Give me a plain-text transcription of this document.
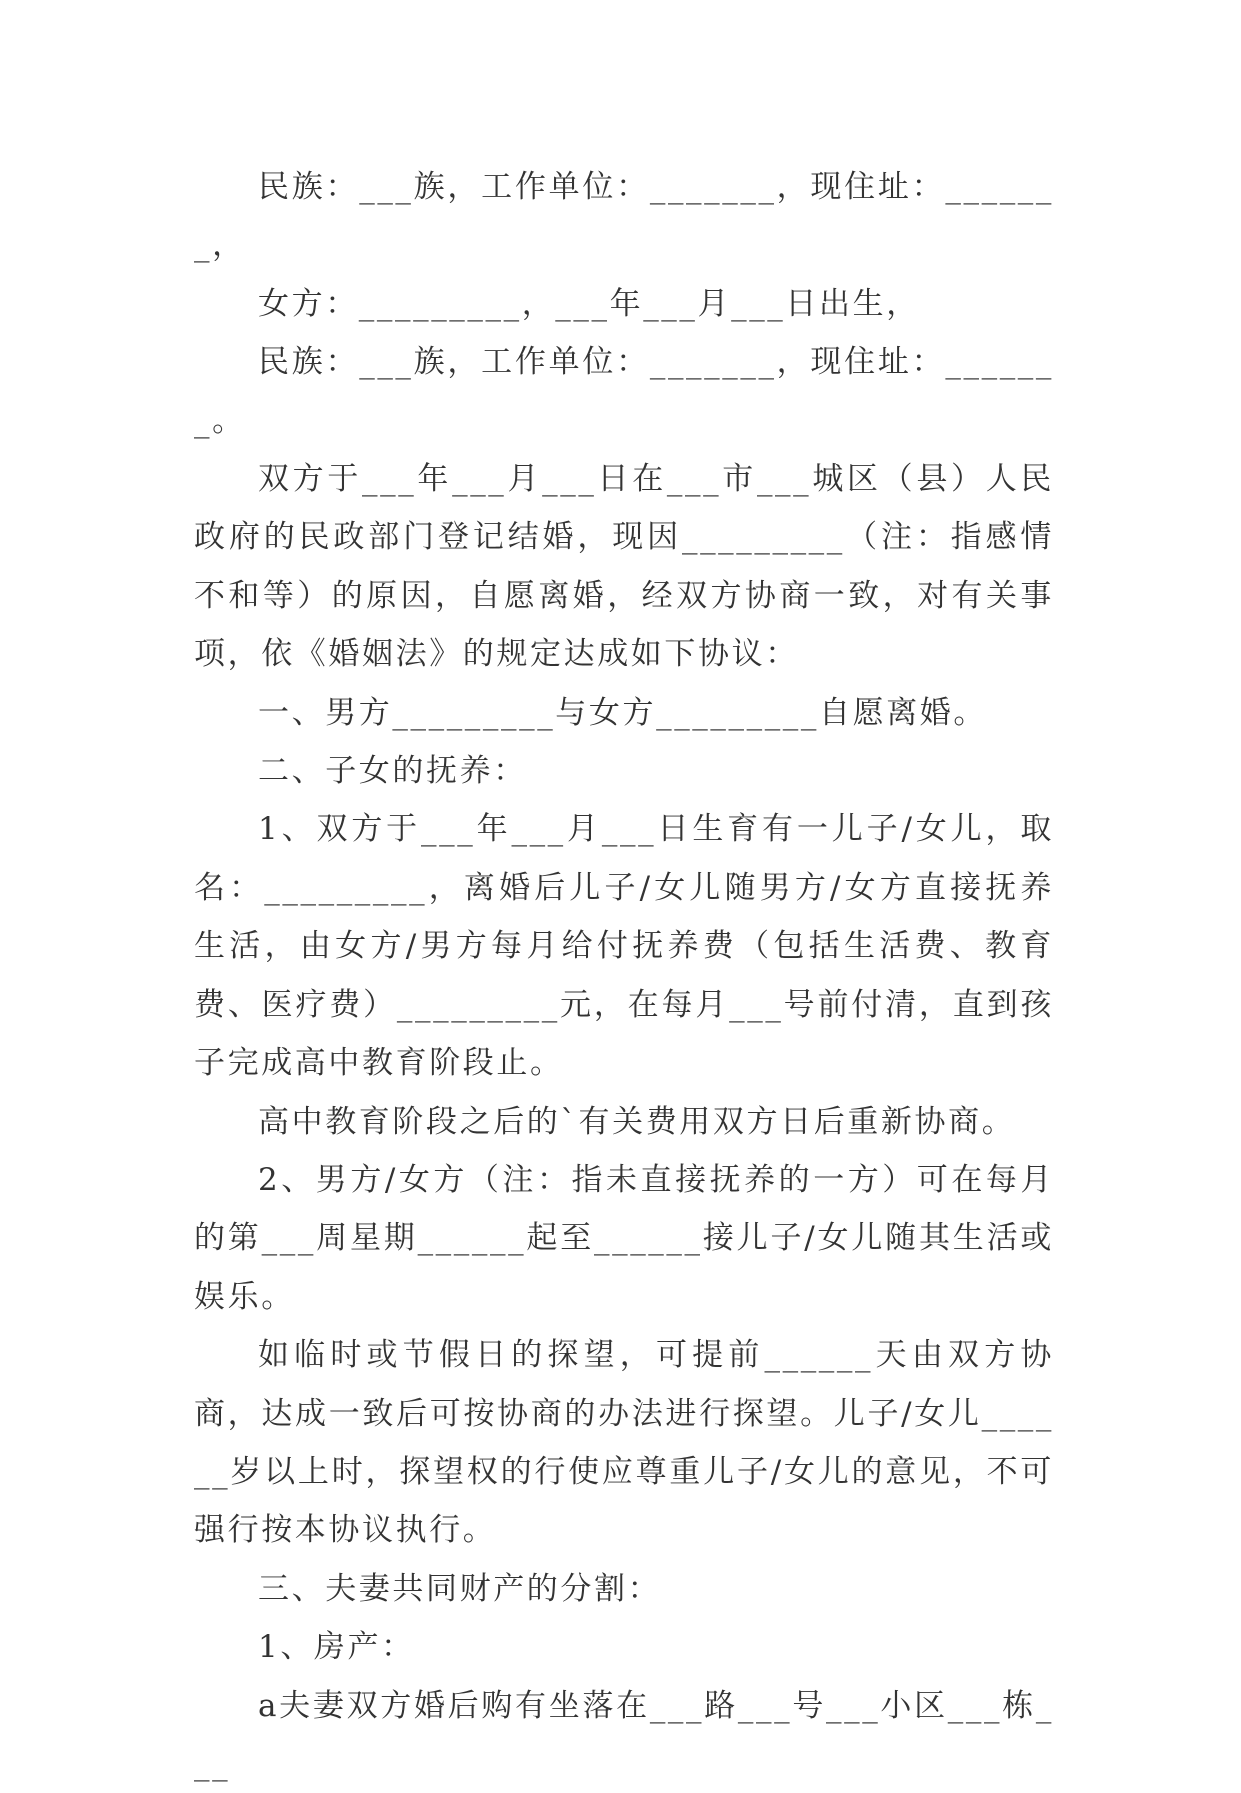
民族：___族，工作单位：_______，现住址：_______，

女方：_________，___年___月___日出生，

民族：___族，工作单位：_______，现住址：_______。

双方于___年___月___日在___市___城区（县）人民政府的民政部门登记结婚，现因_________（注：指感情不和等）的原因，自愿离婚，经双方协商一致，对有关事项，依《婚姻法》的规定达成如下协议：

一、男方_________与女方_________自愿离婚。

二、子女的抚养：

1、双方于___年___月___日生育有一儿子/女儿，取名：_________，离婚后儿子/女儿随男方/女方直接抚养生活，由女方/男方每月给付抚养费（包括生活费、教育费、医疗费）_________元，在每月___号前付清，直到孩子完成高中教育阶段止。

高中教育阶段之后的`有关费用双方日后重新协商。

2、男方/女方（注：指未直接抚养的一方）可在每月的第___周星期______起至______接儿子/女儿随其生活或娱乐。

如临时或节假日的探望，可提前______天由双方协商，达成一致后可按协商的办法进行探望。儿子/女儿______岁以上时，探望权的行使应尊重儿子/女儿的意见，不可强行按本协议执行。

三、夫妻共同财产的分割：

1、房产：

a夫妻双方婚后购有坐落在___路___号___小区___栋___
